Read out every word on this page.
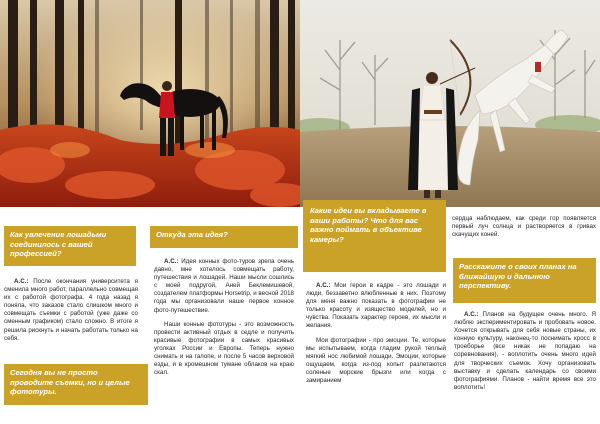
Как увлечение лошадьми соединилось с вашей профессией?

А.С.: После окончания университета я сменила много работ, параллельно совмещая их с работой фотографа. 4 года назад я поняла, что заказов стало слишком много и совмещать съемки с работой (уже даже со сменным графиком) стало сложно. В итоге я решила рискнуть и начать работать только на себя.

Сегодня вы не просто проводите съемки, но и целые фототуры.
Откуда эта идея?

А.С.: Идея конных фото-туров зрела очень давно, мне хотелось совмещать работу, путешествия и лошадей. Наши мысли сошлись с моей подругой, Аней Беклемишевой, создателем платформы Horsetrip, и весной 2018 года мы организовали наше первое конное фото-путешествие.

Наши конные фототуры - это возможность провести активный отдых в седле и получить красивые фотографии в самых красивых уголках России и Европы. Теперь нужно снимать и на галопе, и после 5 часов верховой езды, и в кромешном тумане облаков на краю скал.

Какие идеи вы вкладываете в ваши работы? Что для вас важно поймать в объективе камеры?

А.С.: Мои герои в кадре - это лошади и люди, беззаветно влюбленные в них. Поэтому для меня важно показать в фотографии не только красоту и изящество моделей, но и чувства. Показать характер героев, их мысли и желания.

Мои фотографии - про эмоции. Те, которые мы испытываем, когда гладим рукой теплый мягкий нос любимой лошади. Эмоции, которые ощущаем, когда из-под копыт разлетаются соленые морские брызги или когда с замиранием

сердца наблюдаем, как среди гор появляется первый луч солнца и растворяется в гривах скачущих коней.

Расскажите о своих планах на ближайшую и дальнюю перспективу.

А.С.: Планов на будущее очень много. Я люблю экспериментировать и пробовать новое. Хочется открывать для себя новые страны, их конную культуру, наконец-то поснимать кросс в троеборье (все никак не попадаю на соревнования), - воплотить очень много идей для творческих съемок. Хочу организовать выставку и сделать календарь со своими фотографиями. Планов - найти время все это воплотить!
